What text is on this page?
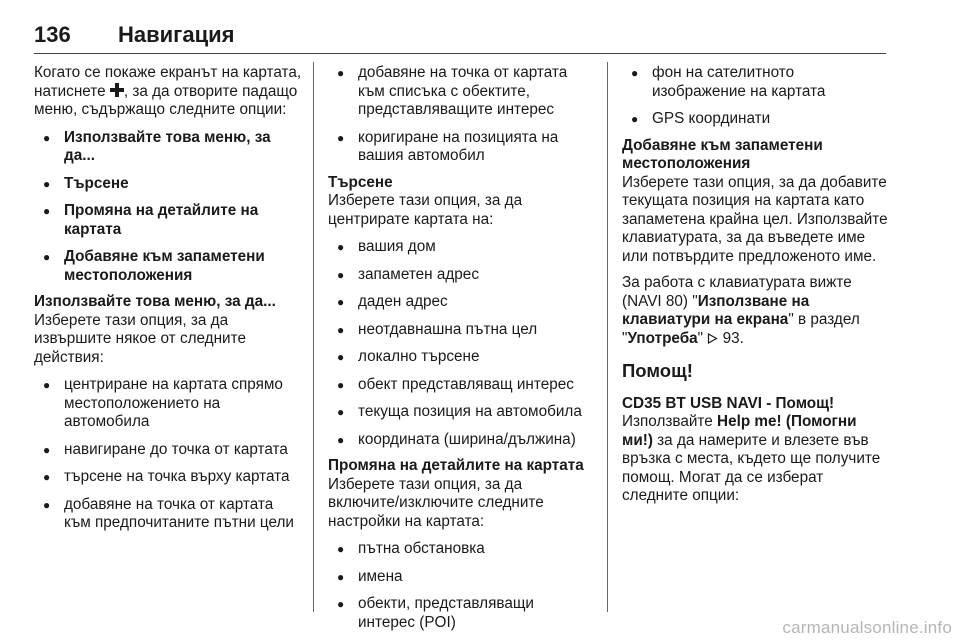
136 Навигация

Когато се покаже екранът на картата, натиснете , за да отворите падащо меню, съдържащо следните опции:

● Използвайте това меню, за да...
● Търсене
● Промяна на детайлите на картата
● Добавяне към запаметени местоположения

Използвайте това меню, за да...

Изберете тази опция, за да извършите някое от следните действия:

● центриране на картата спрямо местоположението на автомобила
● навигиране до точка от картата
● търсене на точка върху картата
● добавяне на точка от картата към предпочитаните пътни цели
● добавяне на точка от картата към списъка с обектите, представляващите интерес
● коригиране на позицията на вашия автомобил

Търсене

Изберете тази опция, за да центрирате картата на:

● вашия дом
● запаметен адрес
● даден адрес
● неотдавнашна пътна цел
● локално търсене
● обект представляващ интерес
● текуща позиция на автомобила
● координата (ширина/дължина)

Промяна на детайлите на картата

Изберете тази опция, за да включите/изключите следните настройки на картата:

● пътна обстановка
● имена
● обекти, представляващи интерес (POI)
● фон на сателитното изображение на картата
● GPS координати

Добавяне към запаметени местоположения

Изберете тази опция, за да добавите текущата позиция на картата като запаметена крайна цел. Използвайте клавиатурата, за да въведете име или потвърдите предложеното име.

За работа с клавиатурата вижте (NAVI 80) "Използване на клавиатури на екрана" в раздел "Употреба"  93.

Помощ!

CD35 BT USB NAVI - Помощ!

Използвайте Help me! (Помогни ми!) за да намерите и влезете във връзка с места, където ще получите помощ. Могат да се изберат следните опции:

carmanualsonline.info
